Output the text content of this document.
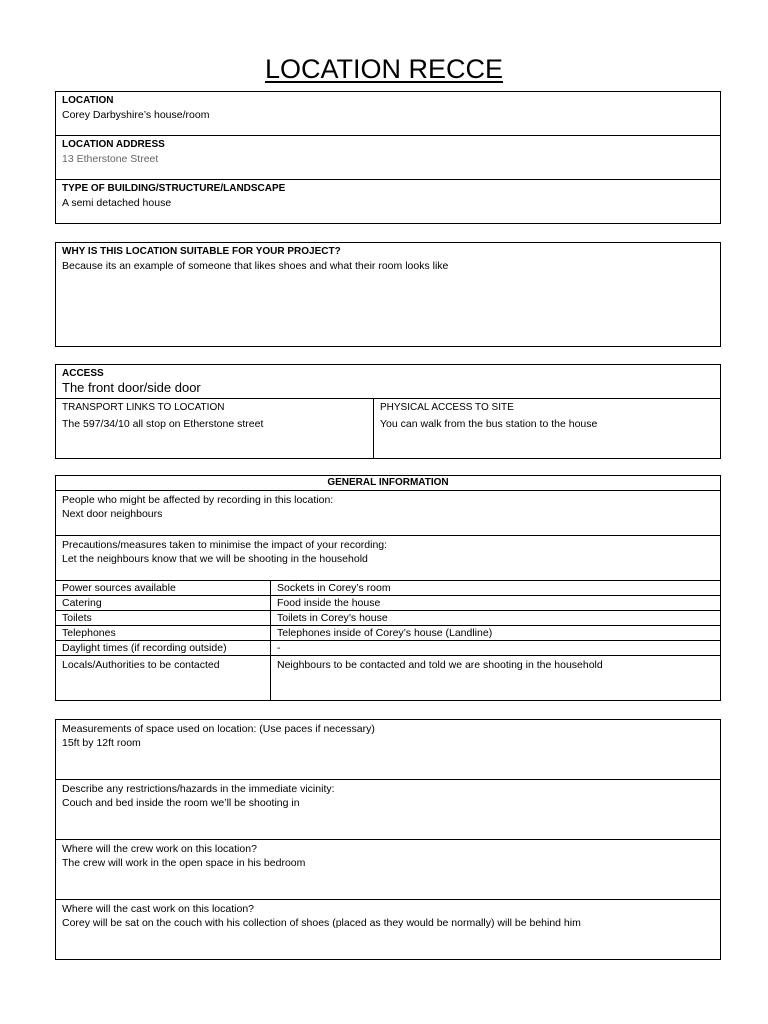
LOCATION RECCE
LOCATION
Corey Darbyshire’s house/room

LOCATION ADDRESS
13 Etherstone Street

TYPE OF BUILDING/STRUCTURE/LANDSCAPE
A semi detached house
WHY IS THIS LOCATION SUITABLE FOR YOUR PROJECT?
Because its an example of someone that likes shoes and what their room looks like
ACCESS
The front door/side door

TRANSPORT LINKS TO LOCATION
The 597/34/10 all stop on Etherstone street

PHYSICAL ACCESS TO SITE
You can walk from the bus station to the house
GENERAL INFORMATION	

People who might be affected by recording in this location:
Next door neighbours	

Precautions/measures taken to minimise the impact of your recording:
Let the neighbours know that we will be shooting in the household	

Power sources available	Sockets in Corey’s room
Catering	Food inside the house
Toilets	Toilets in Corey’s house
Telephones	Telephones inside of Corey’s house (Landline)
Daylight times (if recording outside)	-
Locals/Authorities to be contacted	Neighbours to be contacted and told we are shooting in the household
Measurements of space used on location: (Use paces if necessary)
15ft by 12ft room

Describe any restrictions/hazards in the immediate vicinity:
Couch and bed inside the room we’ll be shooting in

Where will the crew work on this location?
The crew will work in the open space in his bedroom

Where will the cast work on this location?
Corey will be sat on the couch with his collection of shoes (placed as they would be normally) will be behind him
